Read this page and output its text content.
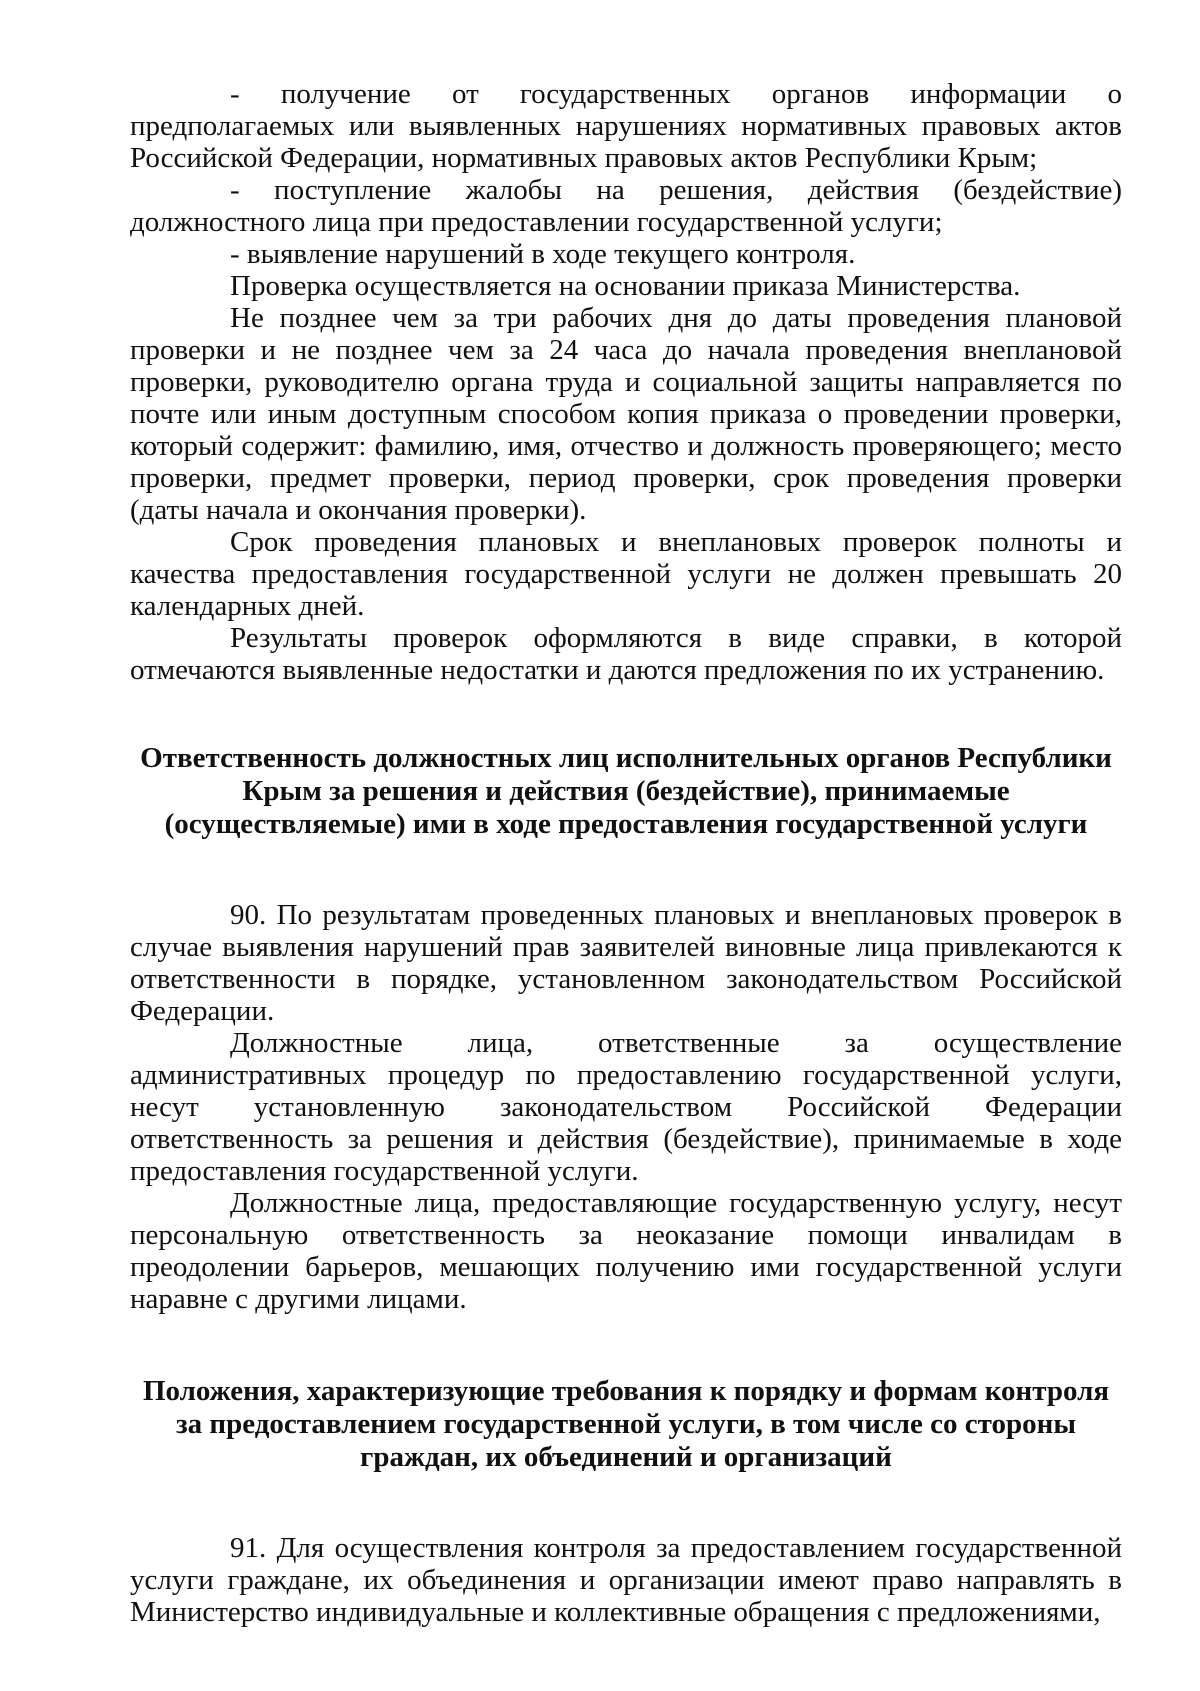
- получение от государственных органов информации о предполагаемых или выявленных нарушениях нормативных правовых актов Российской Федерации, нормативных правовых актов Республики Крым;

- поступление жалобы на решения, действия (бездействие) должностного лица при предоставлении государственной услуги;

- выявление нарушений в ходе текущего контроля.

Проверка осуществляется на основании приказа Министерства.

Не позднее чем за три рабочих дня до даты проведения плановой проверки и не позднее чем за 24 часа до начала проведения внеплановой проверки, руководителю органа труда и социальной защиты направляется по почте или иным доступным способом копия приказа о проведении проверки, который содержит: фамилию, имя, отчество и должность проверяющего; место проверки, предмет проверки, период проверки, срок проведения проверки (даты начала и окончания проверки).

Срок проведения плановых и внеплановых проверок полноты и качества предоставления государственной услуги не должен превышать 20 календарных дней.

Результаты проверок оформляются в виде справки, в которой отмечаются выявленные недостатки и даются предложения по их устранению.

Ответственность должностных лиц исполнительных органов Республики Крым за решения и действия (бездействие), принимаемые (осуществляемые) ими в ходе предоставления государственной услуги

90. По результатам проведенных плановых и внеплановых проверок в случае выявления нарушений прав заявителей виновные лица привлекаются к ответственности в порядке, установленном законодательством Российской Федерации.

Должностные лица, ответственные за осуществление административных процедур по предоставлению государственной услуги, несут установленную законодательством Российской Федерации ответственность за решения и действия (бездействие), принимаемые в ходе предоставления государственной услуги.

Должностные лица, предоставляющие государственную услугу, несут персональную ответственность за неоказание помощи инвалидам в преодолении барьеров, мешающих получению ими государственной услуги наравне с другими лицами.

Положения, характеризующие требования к порядку и формам контроля за предоставлением государственной услуги, в том числе со стороны граждан, их объединений и организаций

91. Для осуществления контроля за предоставлением государственной услуги граждане, их объединения и организации имеют право направлять в Министерство индивидуальные и коллективные обращения с предложениями,
